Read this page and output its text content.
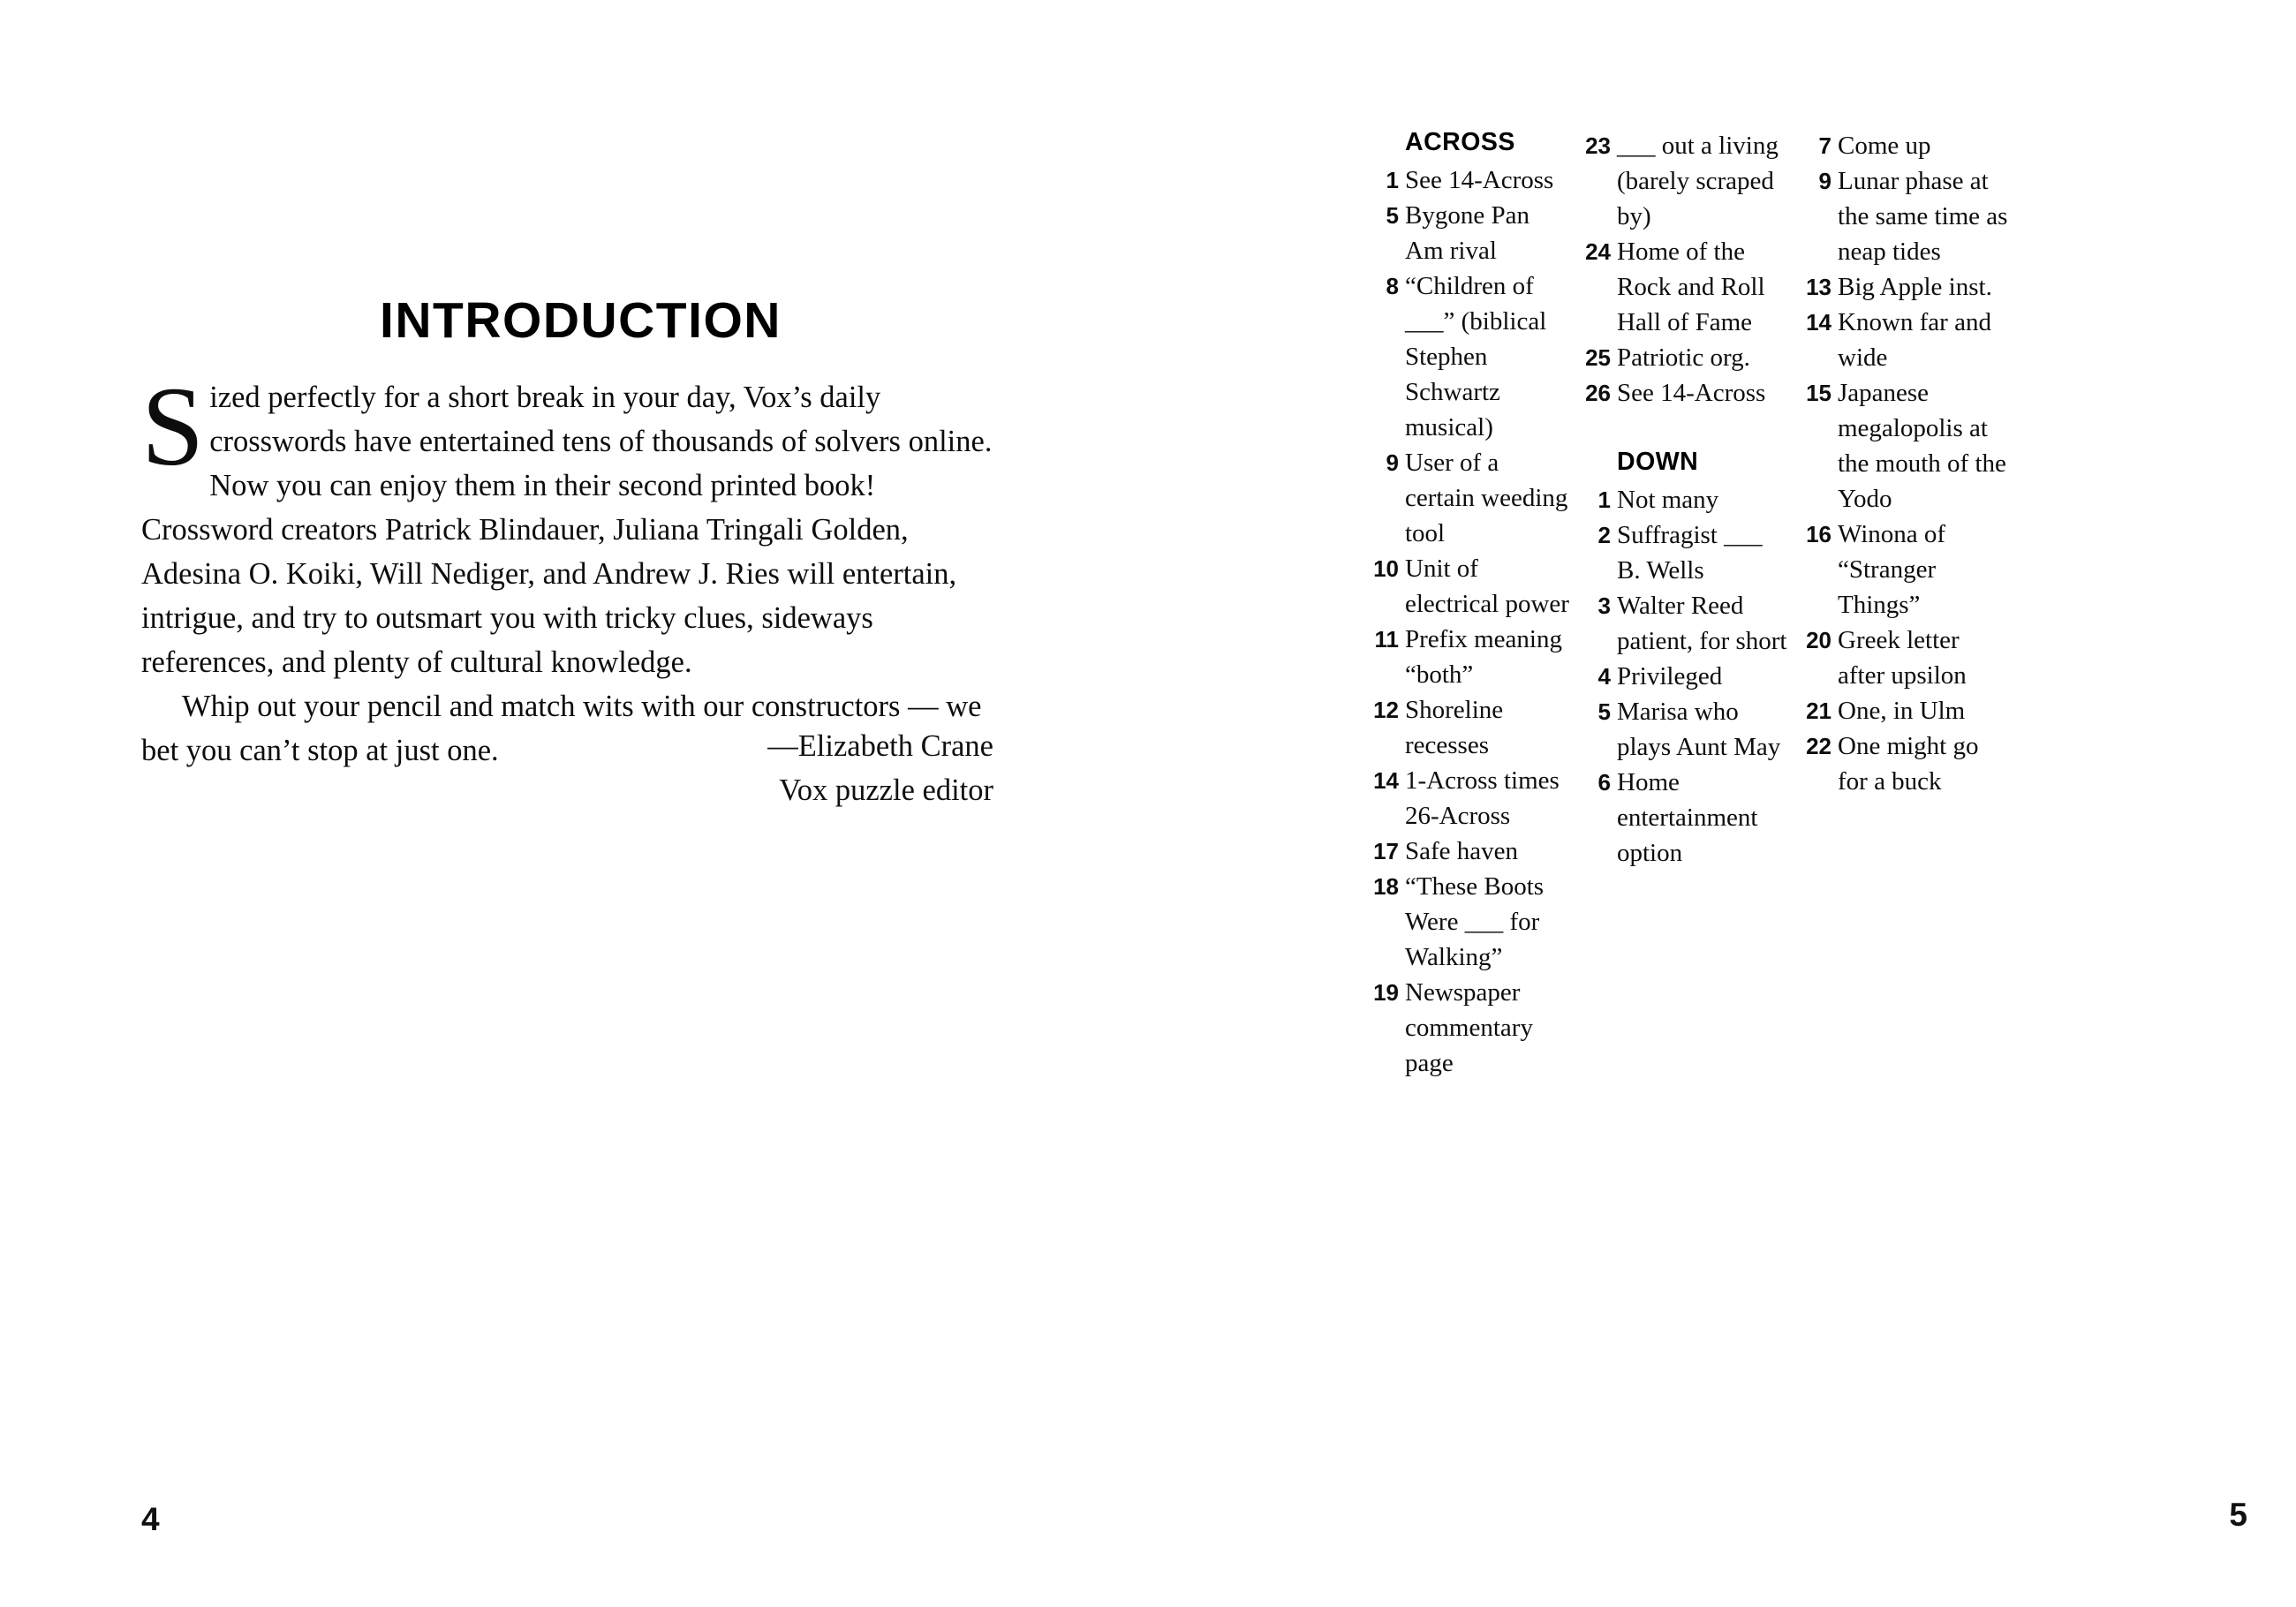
INTRODUCTION

Sized perfectly for a short break in your day, Vox’s daily crosswords have entertained tens of thousands of solvers online. Now you can enjoy them in their second printed book! Crossword creators Patrick Blindauer, Juliana Tringali Golden, Adesina O. Koiki, Will Nediger, and Andrew J. Ries will entertain, intrigue, and try to outsmart you with tricky clues, sideways references, and plenty of cultural knowledge.

Whip out your pencil and match wits with our constructors — we bet you can’t stop at just one.	—Elizabeth Crane
Vox puzzle editor
4
ACROSS
1 See 14-Across
5 Bygone Pan Am rival
8 “Children of ___” (biblical Stephen Schwartz musical)
9 User of a certain weeding tool
10 Unit of electrical power
11 Prefix meaning “both”
12 Shoreline recesses
14 1-Across times 26-Across
17 Safe haven
18 “These Boots Were ___ for Walking”
19 Newspaper commentary page
23 ___ out a living (barely scraped by)
24 Home of the Rock and Roll Hall of Fame
25 Patriotic org.
26 See 14-Across
DOWN
1 Not many
2 Suffragist ___ B. Wells
3 Walter Reed patient, for short
4 Privileged
5 Marisa who plays Aunt May
6 Home entertainment option
7 Come up
9 Lunar phase at the same time as neap tides
13 Big Apple inst.
14 Known far and wide
15 Japanese megalopolis at the mouth of the Yodo
16 Winona of “Stranger Things”
20 Greek letter after upsilon
21 One, in Ulm
22 One might go for a buck

5
